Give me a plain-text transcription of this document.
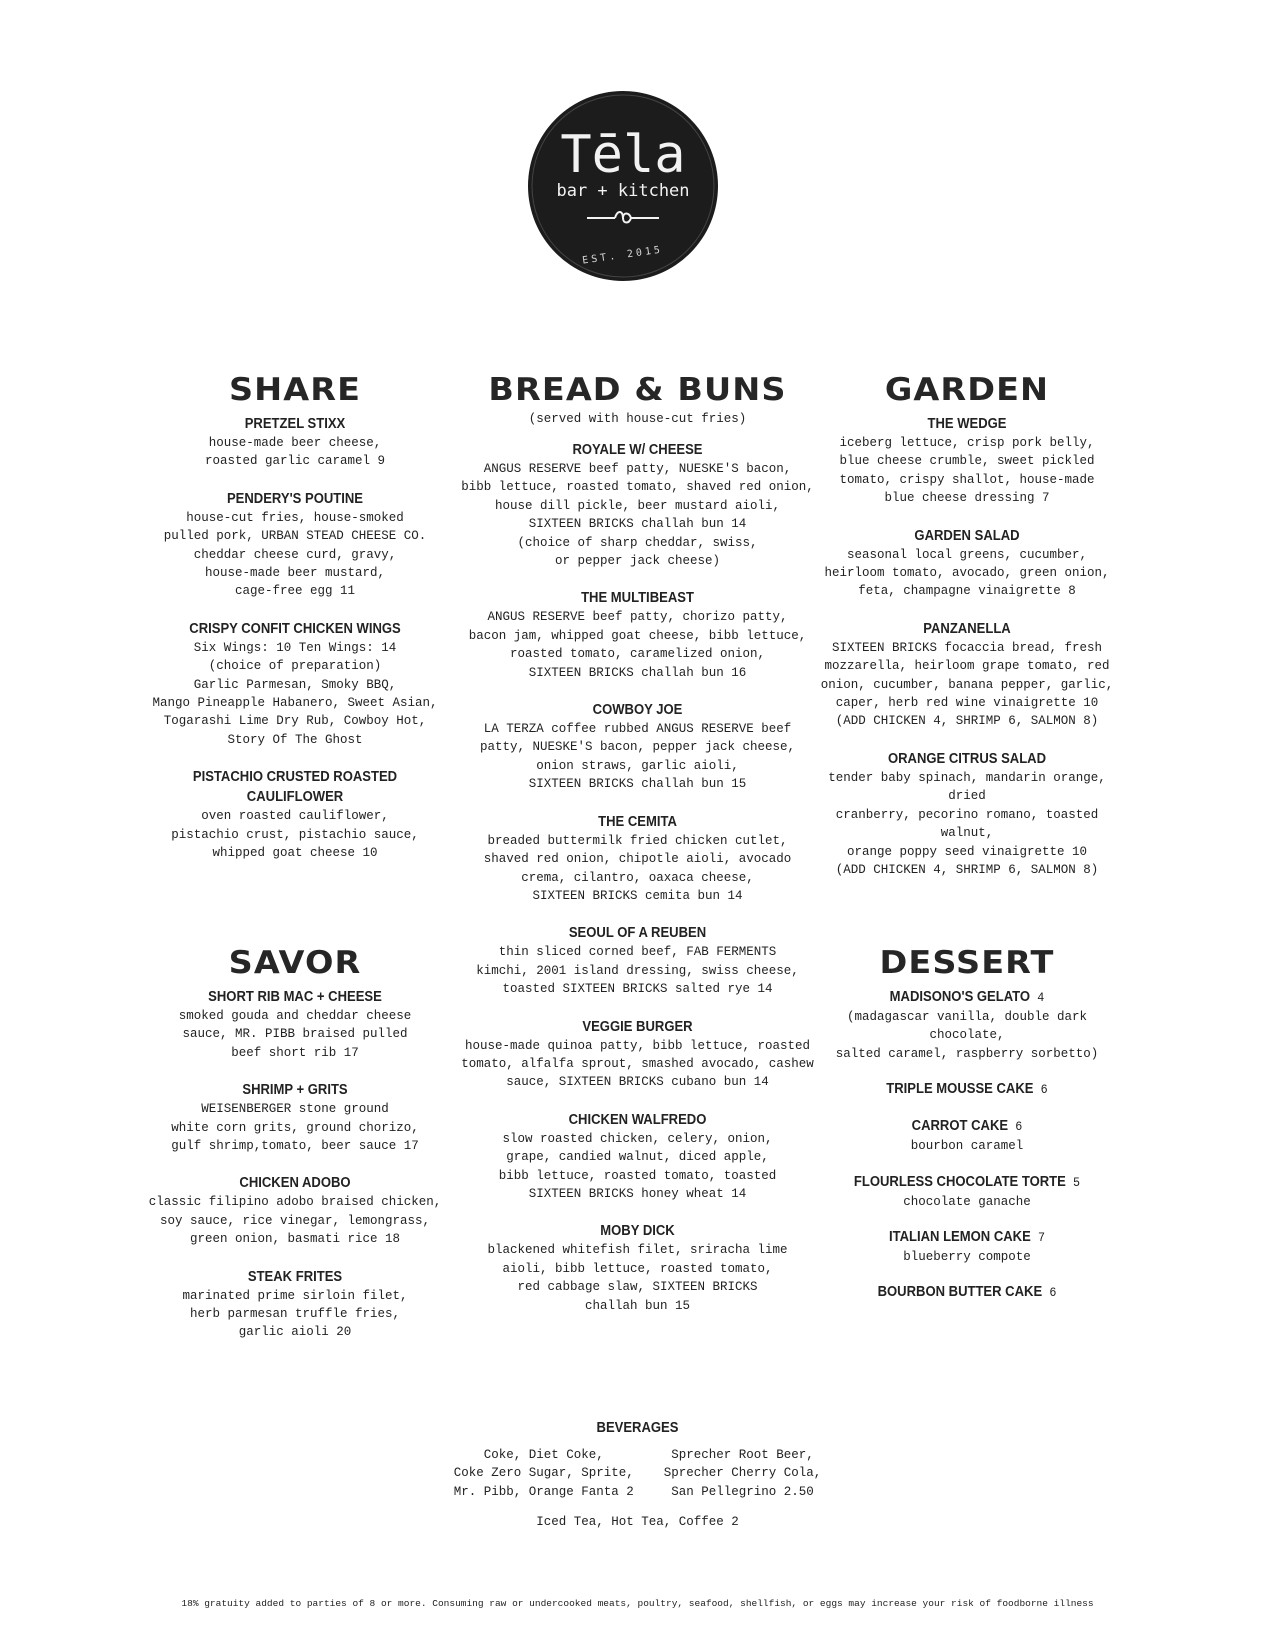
Tēla
bar + kitchen
EST. 2015
SHARE
PRETZEL STIXX
house-made beer cheese,
roasted garlic caramel 9
PENDERY'S POUTINE
house-cut fries, house-smoked
pulled pork, URBAN STEAD CHEESE CO.
cheddar cheese curd, gravy,
house-made beer mustard,
cage-free egg 11
CRISPY CONFIT CHICKEN WINGS
Six Wings: 10 Ten Wings: 14
(choice of preparation)
Garlic Parmesan, Smoky BBQ,
Mango Pineapple Habanero, Sweet Asian,
Togarashi Lime Dry Rub, Cowboy Hot,
Story Of The Ghost
PISTACHIO CRUSTED ROASTED CAULIFLOWER
oven roasted cauliflower,
pistachio crust, pistachio sauce,
whipped goat cheese 10
BREAD & BUNS
(served with house-cut fries)
ROYALE W/ CHEESE
ANGUS RESERVE beef patty, NUESKE'S bacon,
bibb lettuce, roasted tomato, shaved red onion,
house dill pickle, beer mustard aioli,
SIXTEEN BRICKS challah bun 14
(choice of sharp cheddar, swiss,
or pepper jack cheese)
THE MULTIBEAST
ANGUS RESERVE beef patty, chorizo patty,
bacon jam, whipped goat cheese, bibb lettuce,
roasted tomato, caramelized onion,
SIXTEEN BRICKS challah bun 16
COWBOY JOE
LA TERZA coffee rubbed ANGUS RESERVE beef
patty, NUESKE'S bacon, pepper jack cheese,
onion straws, garlic aioli,
SIXTEEN BRICKS challah bun 15
THE CEMITA
breaded buttermilk fried chicken cutlet,
shaved red onion, chipotle aioli, avocado
crema, cilantro, oaxaca cheese,
SIXTEEN BRICKS cemita bun 14
SEOUL OF A REUBEN
thin sliced corned beef, FAB FERMENTS
kimchi, 2001 island dressing, swiss cheese,
toasted SIXTEEN BRICKS salted rye 14
VEGGIE BURGER
house-made quinoa patty, bibb lettuce, roasted
tomato, alfalfa sprout, smashed avocado, cashew
sauce, SIXTEEN BRICKS cubano bun 14
CHICKEN WALFREDO
slow roasted chicken, celery, onion,
grape, candied walnut, diced apple,
bibb lettuce, roasted tomato, toasted
SIXTEEN BRICKS honey wheat 14
MOBY DICK
blackened whitefish filet, sriracha lime
aioli, bibb lettuce, roasted tomato,
red cabbage slaw, SIXTEEN BRICKS
challah bun 15
GARDEN
THE WEDGE
iceberg lettuce, crisp pork belly,
blue cheese crumble, sweet pickled
tomato, crispy shallot, house-made
blue cheese dressing 7
GARDEN SALAD
seasonal local greens, cucumber,
heirloom tomato, avocado, green onion,
feta, champagne vinaigrette 8
PANZANELLA
SIXTEEN BRICKS focaccia bread, fresh
mozzarella, heirloom grape tomato, red
onion, cucumber, banana pepper, garlic,
caper, herb red wine vinaigrette 10
(ADD CHICKEN 4, SHRIMP 6, SALMON 8)
ORANGE CITRUS SALAD
tender baby spinach, mandarin orange, dried
cranberry, pecorino romano, toasted walnut,
orange poppy seed vinaigrette 10
(ADD CHICKEN 4, SHRIMP 6, SALMON 8)
SAVOR
SHORT RIB MAC + CHEESE
smoked gouda and cheddar cheese
sauce, MR. PIBB braised pulled
beef short rib 17
SHRIMP + GRITS
WEISENBERGER stone ground
white corn grits, ground chorizo,
gulf shrimp,tomato, beer sauce 17
CHICKEN ADOBO
classic filipino adobo braised chicken,
soy sauce, rice vinegar, lemongrass,
green onion, basmati rice 18
STEAK FRITES
marinated prime sirloin filet,
herb parmesan truffle fries,
garlic aioli 20
DESSERT
MADISONO'S GELATO 4
(madagascar vanilla, double dark chocolate,
salted caramel, raspberry sorbetto)
TRIPLE MOUSSE CAKE 6
CARROT CAKE 6
bourbon caramel
FLOURLESS CHOCOLATE TORTE 5
chocolate ganache
ITALIAN LEMON CAKE 7
blueberry compote
BOURBON BUTTER CAKE 6
BEVERAGES
Coke, Diet Coke,
Coke Zero Sugar, Sprite,
Mr. Pibb, Orange Fanta 2
Sprecher Root Beer,
Sprecher Cherry Cola,
San Pellegrino 2.50
Iced Tea, Hot Tea, Coffee 2
18% gratuity added to parties of 8 or more. Consuming raw or undercooked meats, poultry, seafood, shellfish, or eggs may increase your risk of foodborne illness
